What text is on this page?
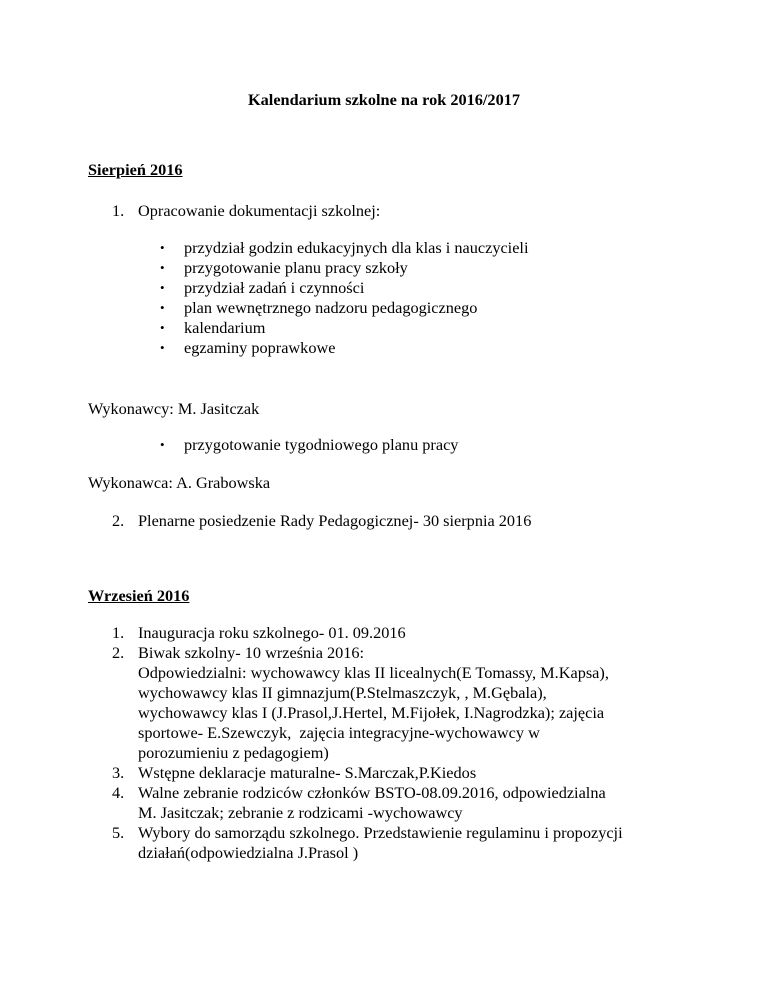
Kalendarium szkolne na rok 2016/2017
Sierpień 2016
1. Opracowanie dokumentacji szkolnej:
• przydział godzin edukacyjnych dla klas i nauczycieli
• przygotowanie planu pracy szkoły
• przydział zadań i czynności
• plan wewnętrznego nadzoru pedagogicznego
• kalendarium
• egzaminy poprawkowe
Wykonawcy: M. Jasitczak
• przygotowanie tygodniowego planu pracy
Wykonawca: A. Grabowska
2. Plenarne posiedzenie Rady Pedagogicznej- 30 sierpnia 2016
Wrzesień 2016
1. Inauguracja roku szkolnego- 01. 09.2016
2. Biwak szkolny- 10 września 2016:
Odpowiedzialni: wychowawcy klas II licealnych(E Tomassy, M.Kapsa),
wychowawcy klas II gimnazjum(P.Stelmaszczyk, , M.Gębala),
wychowawcy klas I (J.Prasol,J.Hertel, M.Fijołek, I.Nagrodzka); zajęcia
sportowe- E.Szewczyk,  zajęcia integracyjne-wychowawcy w
porozumieniu z pedagogiem)
3. Wstępne deklaracje maturalne- S.Marczak,P.Kiedos
4. Walne zebranie rodziców członków BSTO-08.09.2016, odpowiedzialna
M. Jasitczak; zebranie z rodzicami -wychowawcy
5. Wybory do samorządu szkolnego. Przedstawienie regulaminu i propozycji
działań(odpowiedzialna J.Prasol )
